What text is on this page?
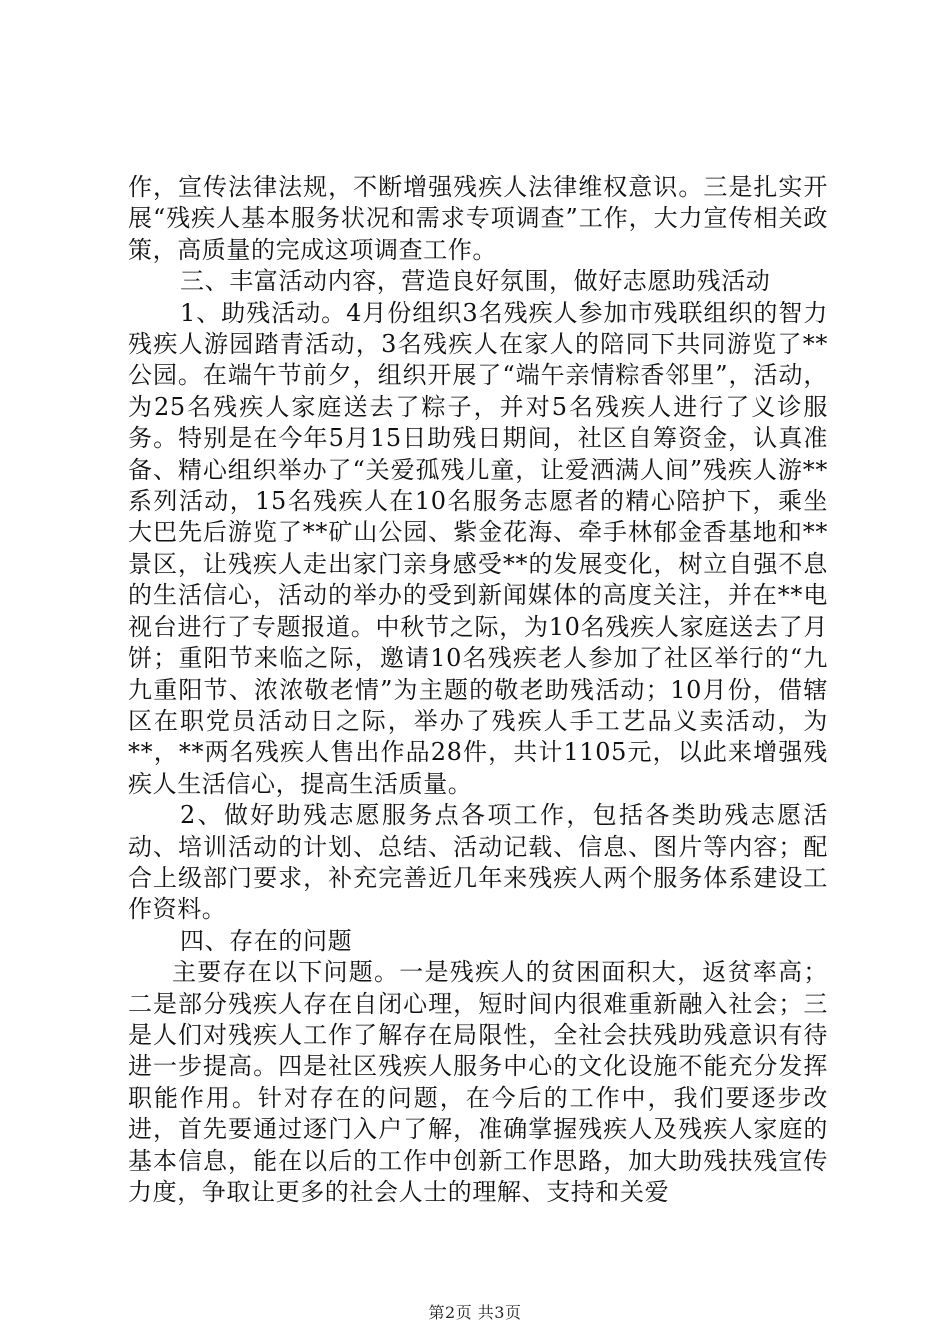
作，宣传法律法规，不断增强残疾人法律维权意识。三是扎实开展“残疾人基本服务状况和需求专项调查”工作，大力宣传相关政策，高质量的完成这项调查工作。

三、丰富活动内容，营造良好氛围，做好志愿助残活动

1、助残活动。4月份组织3名残疾人参加市残联组织的智力残疾人游园踏青活动，3名残疾人在家人的陪同下共同游览了**公园。在端午节前夕，组织开展了“端午亲情粽香邻里”，活动，为25名残疾人家庭送去了粽子，并对5名残疾人进行了义诊服务。特别是在今年5月15日助残日期间，社区自筹资金，认真准备、精心组织举办了“关爱孤残儿童，让爱洒满人间”残疾人游**系列活动，15名残疾人在10名服务志愿者的精心陪护下，乘坐大巴先后游览了**矿山公园、紫金花海、牵手林郁金香基地和**景区，让残疾人走出家门亲身感受**的发展变化，树立自强不息的生活信心，活动的举办的受到新闻媒体的高度关注，并在**电视台进行了专题报道。中秋节之际，为10名残疾人家庭送去了月饼；重阳节来临之际，邀请10名残疾老人参加了社区举行的“九九重阳节、浓浓敬老情”为主题的敬老助残活动；10月份，借辖区在职党员活动日之际，举办了残疾人手工艺品义卖活动，为**，**两名残疾人售出作品28件，共计1105元，以此来增强残疾人生活信心，提高生活质量。

2、做好助残志愿服务点各项工作，包括各类助残志愿活动、培训活动的计划、总结、活动记载、信息、图片等内容；配合上级部门要求，补充完善近几年来残疾人两个服务体系建设工作资料。

四、存在的问题

主要存在以下问题。一是残疾人的贫困面积大，返贫率高；二是部分残疾人存在自闭心理，短时间内很难重新融入社会；三是人们对残疾人工作了解存在局限性，全社会扶残助残意识有待进一步提高。四是社区残疾人服务中心的文化设施不能充分发挥职能作用。针对存在的问题，在今后的工作中，我们要逐步改进，首先要通过逐门入户了解，准确掌握残疾人及残疾人家庭的基本信息，能在以后的工作中创新工作思路，加大助残扶残宣传力度，争取让更多的社会人士的理解、支持和关爱

第2页 共3页
